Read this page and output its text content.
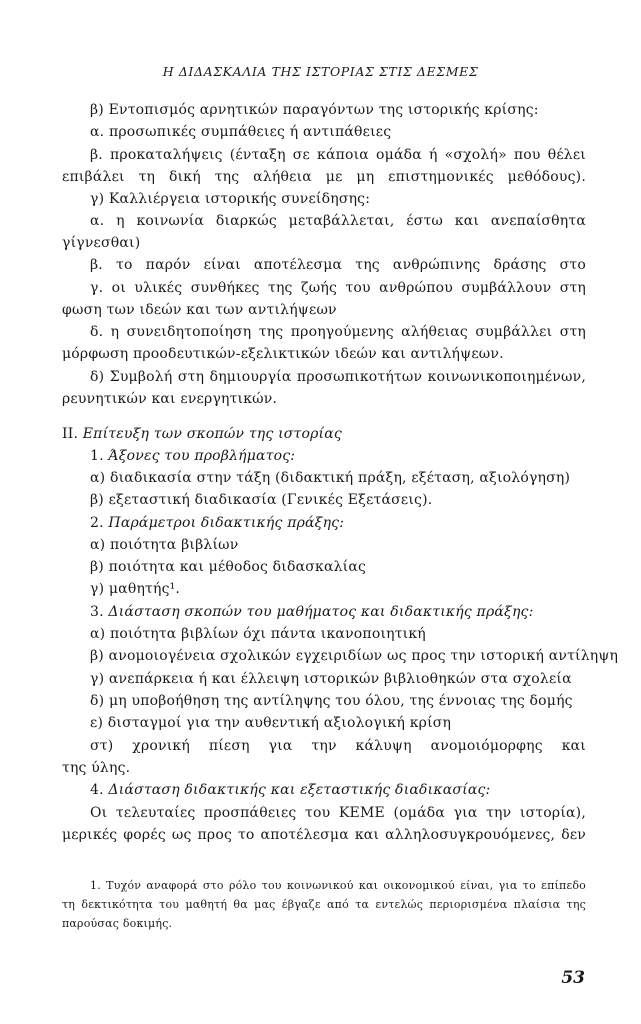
Η ΔΙΔΑΣΚΑΛΙΑ ΤΗΣ ΙΣΤΟΡΙΑΣ ΣΤΙΣ ΔΕΣΜΕΣ
β) Εντοπισμός αρνητικών παραγόντων της ιστορικής κρίσης:
α. προσωπικές συμπάθειες ή αντιπάθειες
β. προκαταλήψεις (ένταξη σε κάποια ομάδα ή «σχολή» που θέλει
επιβάλει τη δική της αλήθεια με μη επιστημονικές μεθόδους).
γ) Καλλιέργεια ιστορικής συνείδησης:
α. η κοινωνία διαρκώς μεταβάλλεται, έστω και ανεπαίσθητα
γίγνεσθαι)
β. το παρόν είναι αποτέλεσμα της ανθρώπινης δράσης στο
γ. οι υλικές συνθήκες της ζωής του ανθρώπου συμβάλλουν στη
φωση των ιδεών και των αντιλήψεων
δ. η συνειδητοποίηση της προηγούμενης αλήθειας συμβάλλει στη
μόρφωση προοδευτικών-εξελικτικών ιδεών και αντιλήψεων.
δ) Συμβολή στη δημιουργία προσωπικοτήτων κοινωνικοποιημένων,
ρευνητικών και ενεργητικών.
II. Επίτευξη των σκοπών της ιστορίας
1. Άξονες του προβλήματος:
α) διαδικασία στην τάξη (διδακτική πράξη, εξέταση, αξιολόγηση)
β) εξεταστική διαδικασία (Γενικές Εξετάσεις).
2. Παράμετροι διδακτικής πράξης:
α) ποιότητα βιβλίων
β) ποιότητα και μέθοδος διδασκαλίας
γ) μαθητής¹.
3. Διάσταση σκοπών του μαθήματος και διδακτικής πράξης:
α) ποιότητα βιβλίων όχι πάντα ικανοποιητική
β) ανομοιογένεια σχολικών εγχειριδίων ως προς την ιστορική αντίληψη
γ) ανεπάρκεια ή και έλλειψη ιστορικών βιβλιοθηκών στα σχολεία
δ) μη υποβοήθηση της αντίληψης του όλου, της έννοιας της δομής
ε) δισταγμοί για την αυθεντική αξιολογική κρίση
στ) χρονική πίεση για την κάλυψη ανομοιόμορφης και
της ύλης.
4. Διάσταση διδακτικής και εξεταστικής διαδικασίας:
Οι τελευταίες προσπάθειες του ΚΕΜΕ (ομάδα για την ιστορία),
μερικές φορές ως προς το αποτέλεσμα και αλληλοσυγκρουόμενες, δεν
1. Τυχόν αναφορά στο ρόλο του κοινωνικού και οικονομικού είναι, για το επίπεδο
τη δεκτικότητα του μαθητή θα μας έβγαζε από τα εντελώς περιορισμένα πλαίσια της
παρούσας δοκιμής.
53
